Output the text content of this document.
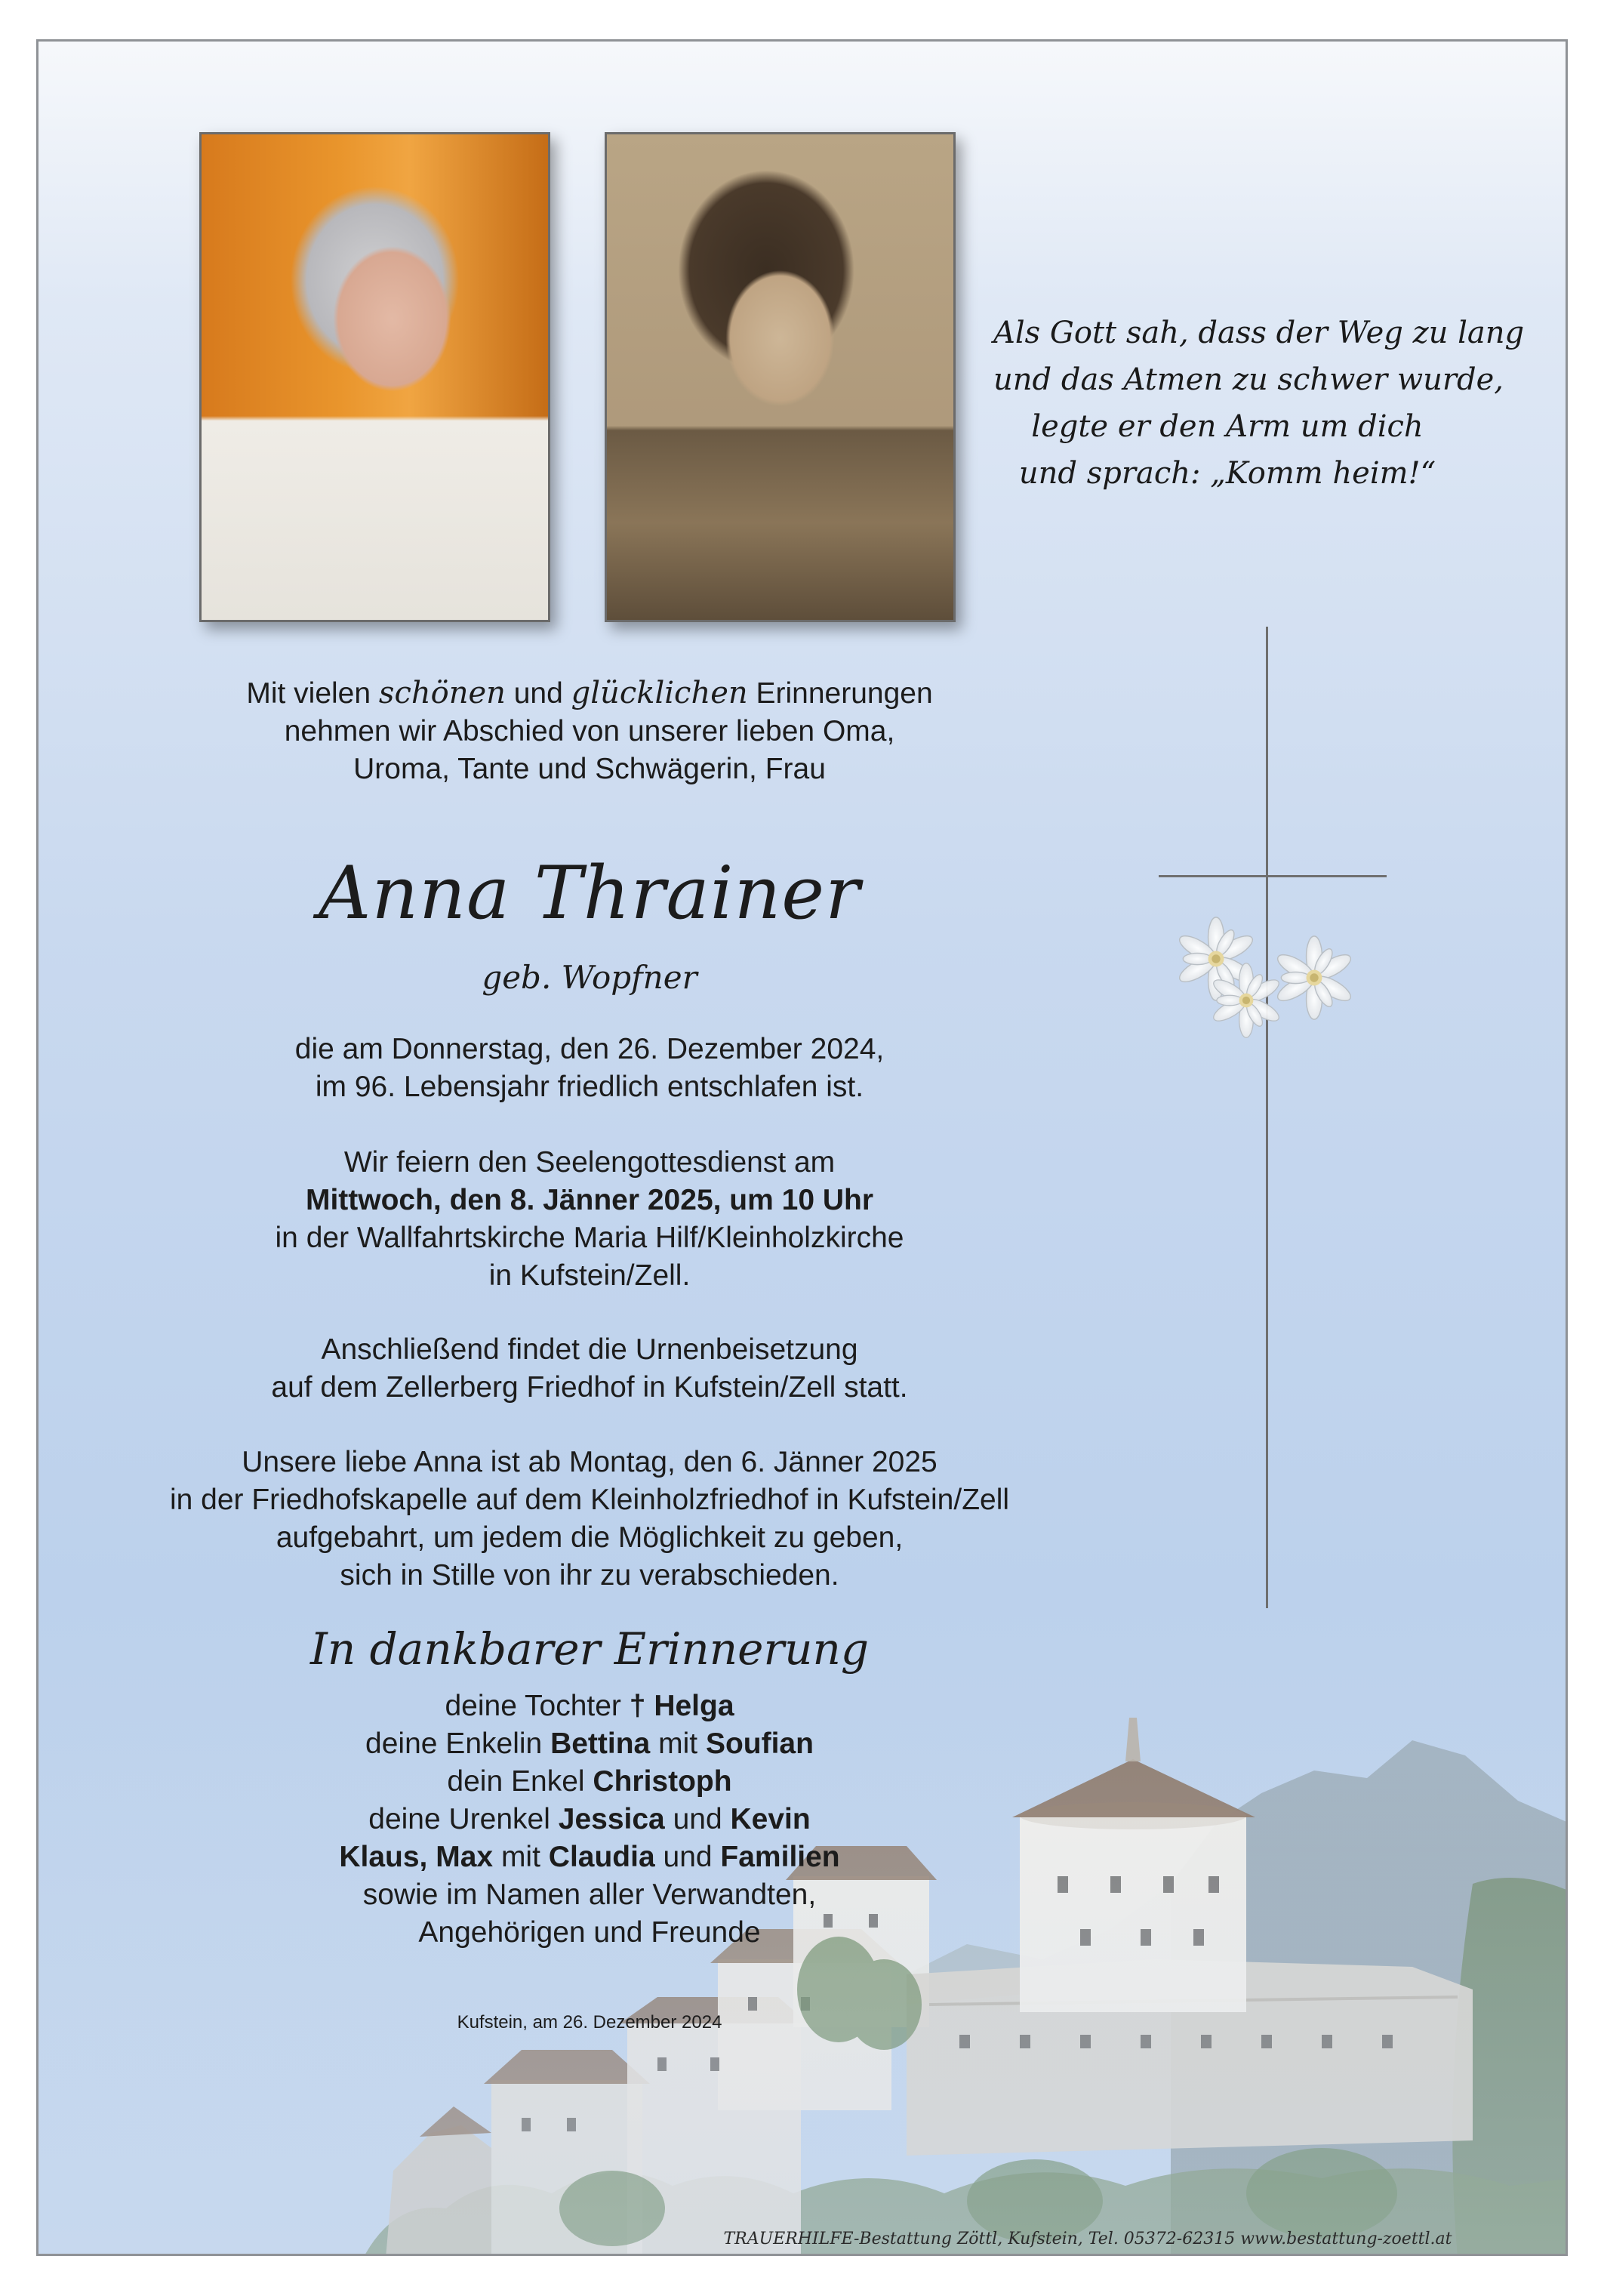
Als Gott sah, dass der Weg zu lang
und das Atmen zu schwer wurde,
legte er den Arm um dich
und sprach: „Komm heim!“
Mit vielen schönen und glücklichen Erinnerungen
nehmen wir Abschied von unserer lieben Oma,
Uroma, Tante und Schwägerin, Frau
Anna Thrainer
geb. Wopfner
die am Donnerstag, den 26. Dezember 2024,
im 96. Lebensjahr friedlich entschlafen ist.
Wir feiern den Seelengottesdienst am
Mittwoch, den 8. Jänner 2025, um 10 Uhr
in der Wallfahrtskirche Maria Hilf/Kleinholzkirche
in Kufstein/Zell.
Anschließend findet die Urnenbeisetzung
auf dem Zellerberg Friedhof in Kufstein/Zell statt.
Unsere liebe Anna ist ab Montag, den 6. Jänner 2025
in der Friedhofskapelle auf dem Kleinholzfriedhof in Kufstein/Zell
aufgebahrt, um jedem die Möglichkeit zu geben,
sich in Stille von ihr zu verabschieden.
In dankbarer Erinnerung
deine Tochter † Helga
deine Enkelin Bettina mit Soufian
dein Enkel Christoph
deine Urenkel Jessica und Kevin
Klaus, Max mit Claudia und Familien
sowie im Namen aller Verwandten,
Angehörigen und Freunde
Kufstein, am 26. Dezember 2024
TRAUERHILFE-Bestattung Zöttl, Kufstein, Tel. 05372-62315 www.bestattung-zoettl.at
